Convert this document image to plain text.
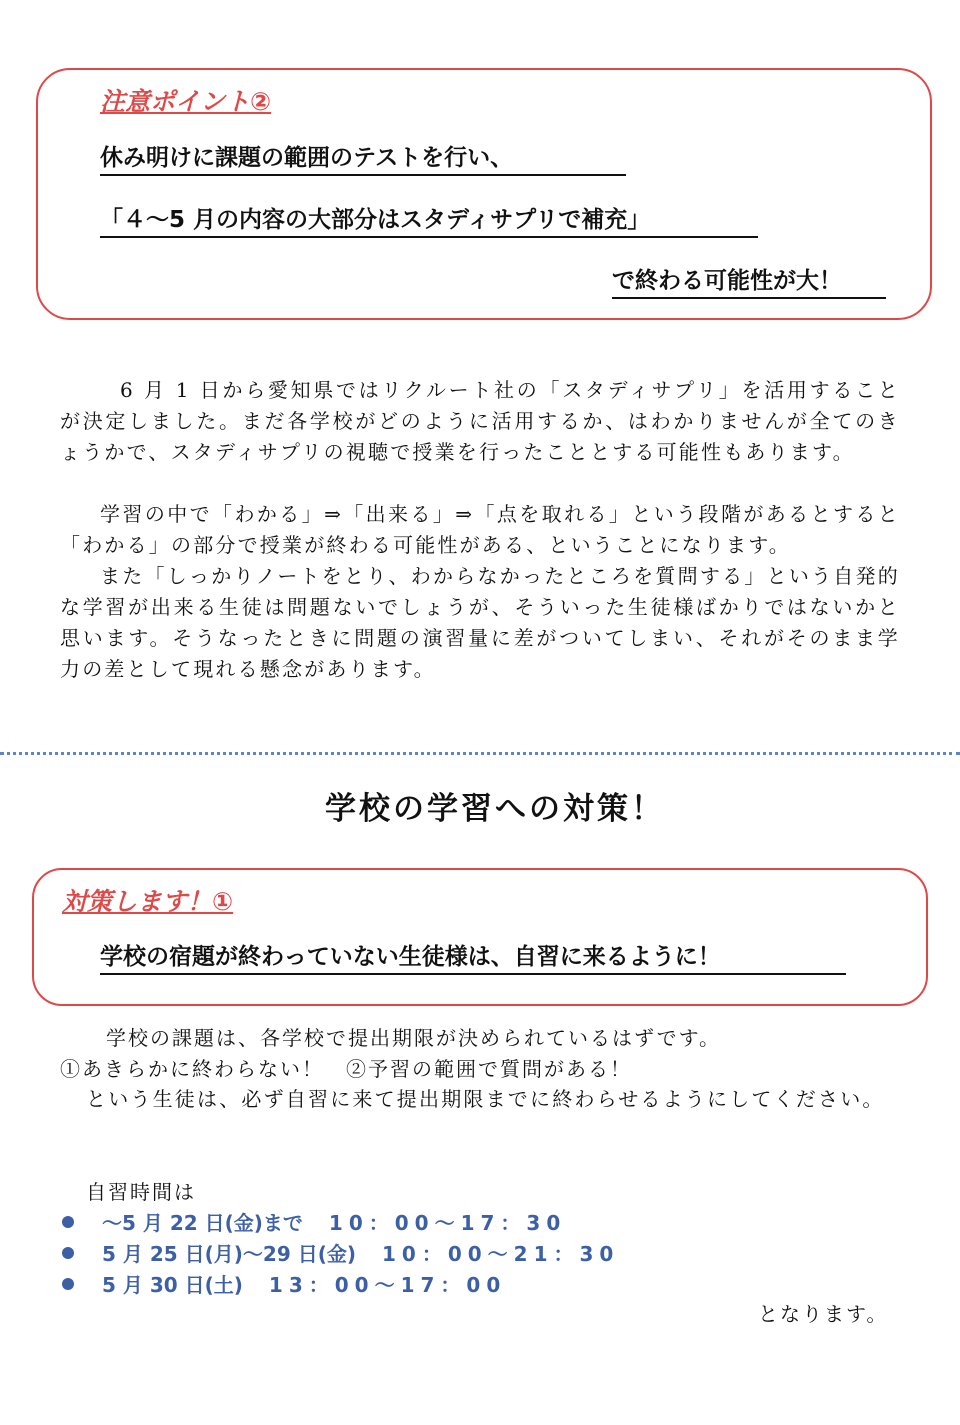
注意ポイント②
休み明けに課題の範囲のテストを行い、
「４～5 月の内容の大部分はスタディサプリで補充」
で終わる可能性が大！

6 月 1 日から愛知県ではリクルート社の「スタディサプリ」を活用することが決定しました。まだ各学校がどのように活用するか、はわかりませんが全てのきょうかで、スタディサプリの視聴で授業を行ったこととする可能性もあります。

学習の中で「わかる」⇒「出来る」⇒「点を取れる」という段階があるとすると「わかる」の部分で授業が終わる可能性がある、ということになります。

また「しっかりノートをとり、わからなかったところを質問する」という自発的な学習が出来る生徒は問題ないでしょうが、そういった生徒様ばかりではないかと思います。そうなったときに問題の演習量に差がついてしまい、それがそのまま学力の差として現れる懸念があります。

学校の学習への対策！
対策します！①
学校の宿題が終わっていない生徒様は、自習に来るように！
学校の課題は、各学校で提出期限が決められているはずです。
①あきらかに終わらない！　②予習の範囲で質問がある！

という生徒は、必ず自習に来て提出期限までに終わらせるようにしてください。

自習時間は
～5 月 22 日(金)まで 10：00～17：30
5 月 25 日(月)～29 日(金) 10：00～21：30
5 月 30 日(土) 13：00～17：00
となります。
